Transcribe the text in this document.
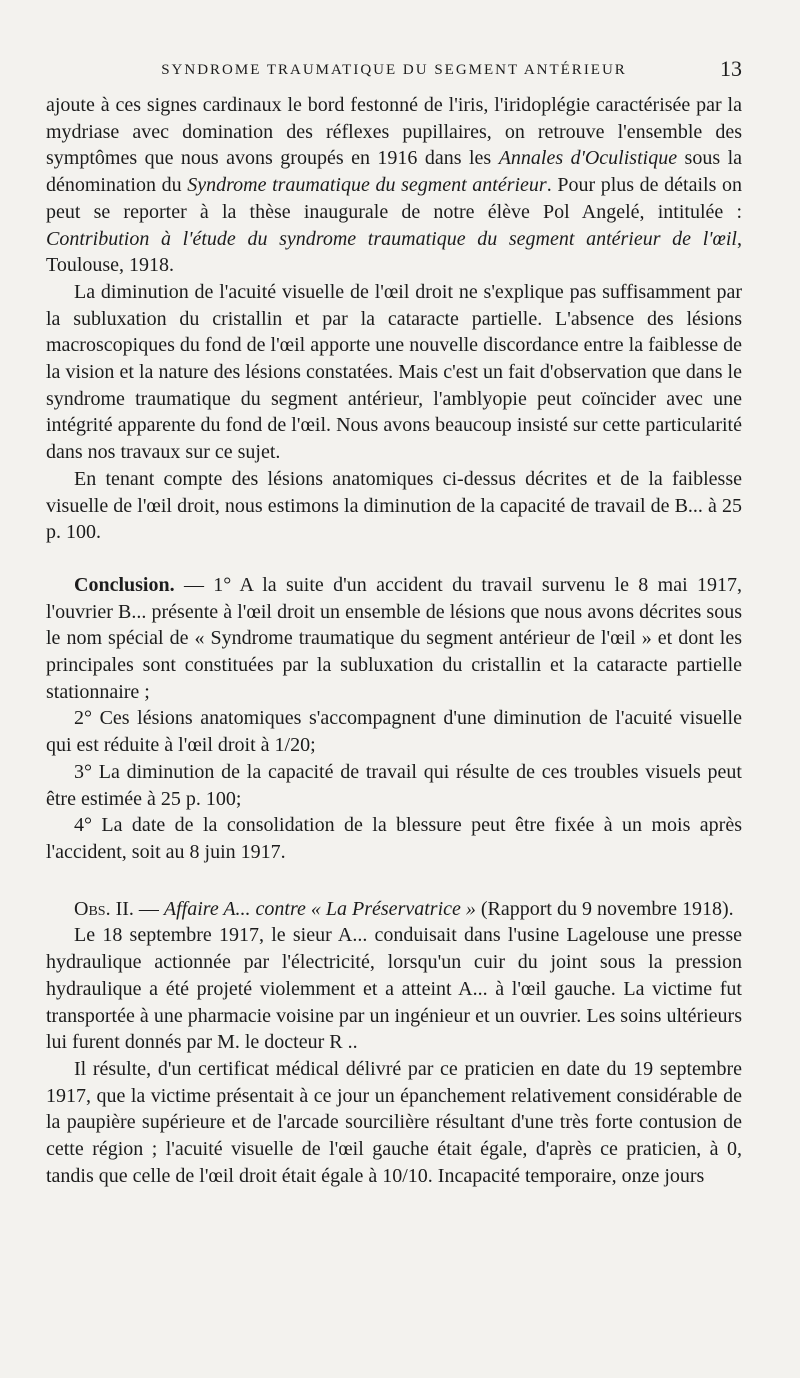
SYNDROME TRAUMATIQUE DU SEGMENT ANTÉRIEUR	13

ajoute à ces signes cardinaux le bord festonné de l'iris, l'iridoplégie caractérisée par la mydriase avec domination des réflexes pupillaires, on retrouve l'ensemble des symptômes que nous avons groupés en 1916 dans les Annales d'Oculistique sous la dénomination du Syndrome traumatique du segment antérieur. Pour plus de détails on peut se reporter à la thèse inaugurale de notre élève Pol Angelé, intitulée : Contribution à l'étude du syndrome traumatique du segment antérieur de l'œil, Toulouse, 1918.

La diminution de l'acuité visuelle de l'œil droit ne s'explique pas suffisamment par la subluxation du cristallin et par la cataracte partielle. L'absence des lésions macroscopiques du fond de l'œil apporte une nouvelle discordance entre la faiblesse de la vision et la nature des lésions constatées. Mais c'est un fait d'observation que dans le syndrome traumatique du segment antérieur, l'amblyopie peut coïncider avec une intégrité apparente du fond de l'œil. Nous avons beaucoup insisté sur cette particularité dans nos travaux sur ce sujet.

En tenant compte des lésions anatomiques ci-dessus décrites et de la faiblesse visuelle de l'œil droit, nous estimons la diminution de la capacité de travail de B... à 25 p. 100.

Conclusion. — 1° A la suite d'un accident du travail survenu le 8 mai 1917, l'ouvrier B... présente à l'œil droit un ensemble de lésions que nous avons décrites sous le nom spécial de « Syndrome traumatique du segment antérieur de l'œil » et dont les principales sont constituées par la subluxation du cristallin et la cataracte partielle stationnaire ;

2° Ces lésions anatomiques s'accompagnent d'une diminution de l'acuité visuelle qui est réduite à l'œil droit à 1/20;

3° La diminution de la capacité de travail qui résulte de ces troubles visuels peut être estimée à 25 p. 100;

4° La date de la consolidation de la blessure peut être fixée à un mois après l'accident, soit au 8 juin 1917.

Obs. II. — Affaire A... contre « La Préservatrice » (Rapport du 9 novembre 1918).

Le 18 septembre 1917, le sieur A... conduisait dans l'usine Lagelouse une presse hydraulique actionnée par l'électricité, lorsqu'un cuir du joint sous la pression hydraulique a été projeté violemment et a atteint A... à l'œil gauche. La victime fut transportée à une pharmacie voisine par un ingénieur et un ouvrier. Les soins ultérieurs lui furent donnés par M. le docteur R ..

Il résulte, d'un certificat médical délivré par ce praticien en date du 19 septembre 1917, que la victime présentait à ce jour un épanchement relativement considérable de la paupière supérieure et de l'arcade sourcilière résultant d'une très forte contusion de cette région ; l'acuité visuelle de l'œil gauche était égale, d'après ce praticien, à 0, tandis que celle de l'œil droit était égale à 10/10. Incapacité temporaire, onze jours
